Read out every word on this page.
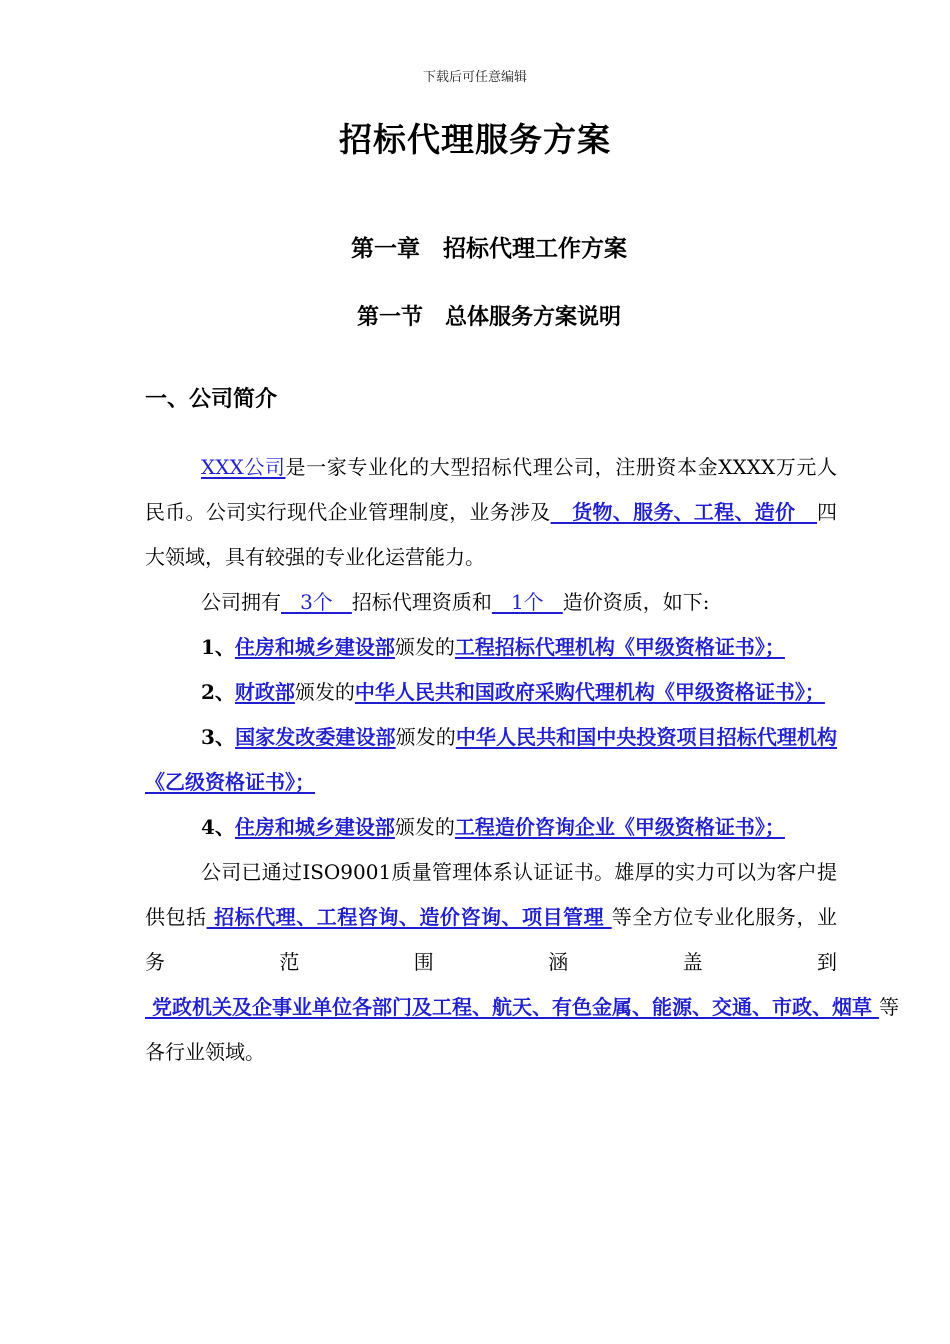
下载后可任意编辑
招标代理服务方案
第一章　招标代理工作方案
第一节　总体服务方案说明
一、公司简介

XXX公司是一家专业化的大型招标代理公司，注册资本金XXXX万元人民币。公司实行现代企业管理制度，业务涉及   货物、服务、工程、造价   四大领域，具有较强的专业化运营能力。

公司拥有   3个   招标代理资质和   1个   造价资质，如下:

1、住房和城乡建设部颁发的工程招标代理机构《甲级资格证书》；

2、财政部颁发的中华人民共和国政府采购代理机构《甲级资格证书》；

3、国家发改委建设部颁发的中华人民共和国中央投资项目招标代理机构《乙级资格证书》；

4、住房和城乡建设部颁发的工程造价咨询企业《甲级资格证书》；

公司已通过ISO9001质量管理体系认证证书。雄厚的实力可以为客户提供包括 招标代理、工程咨询、造价咨询、项目管理 等全方位专业化服务，业务范围涵盖到 党政机关及企事业单位各部门及工程、航天、有色金属、能源、交通、市政、烟草 等各行业领域。
